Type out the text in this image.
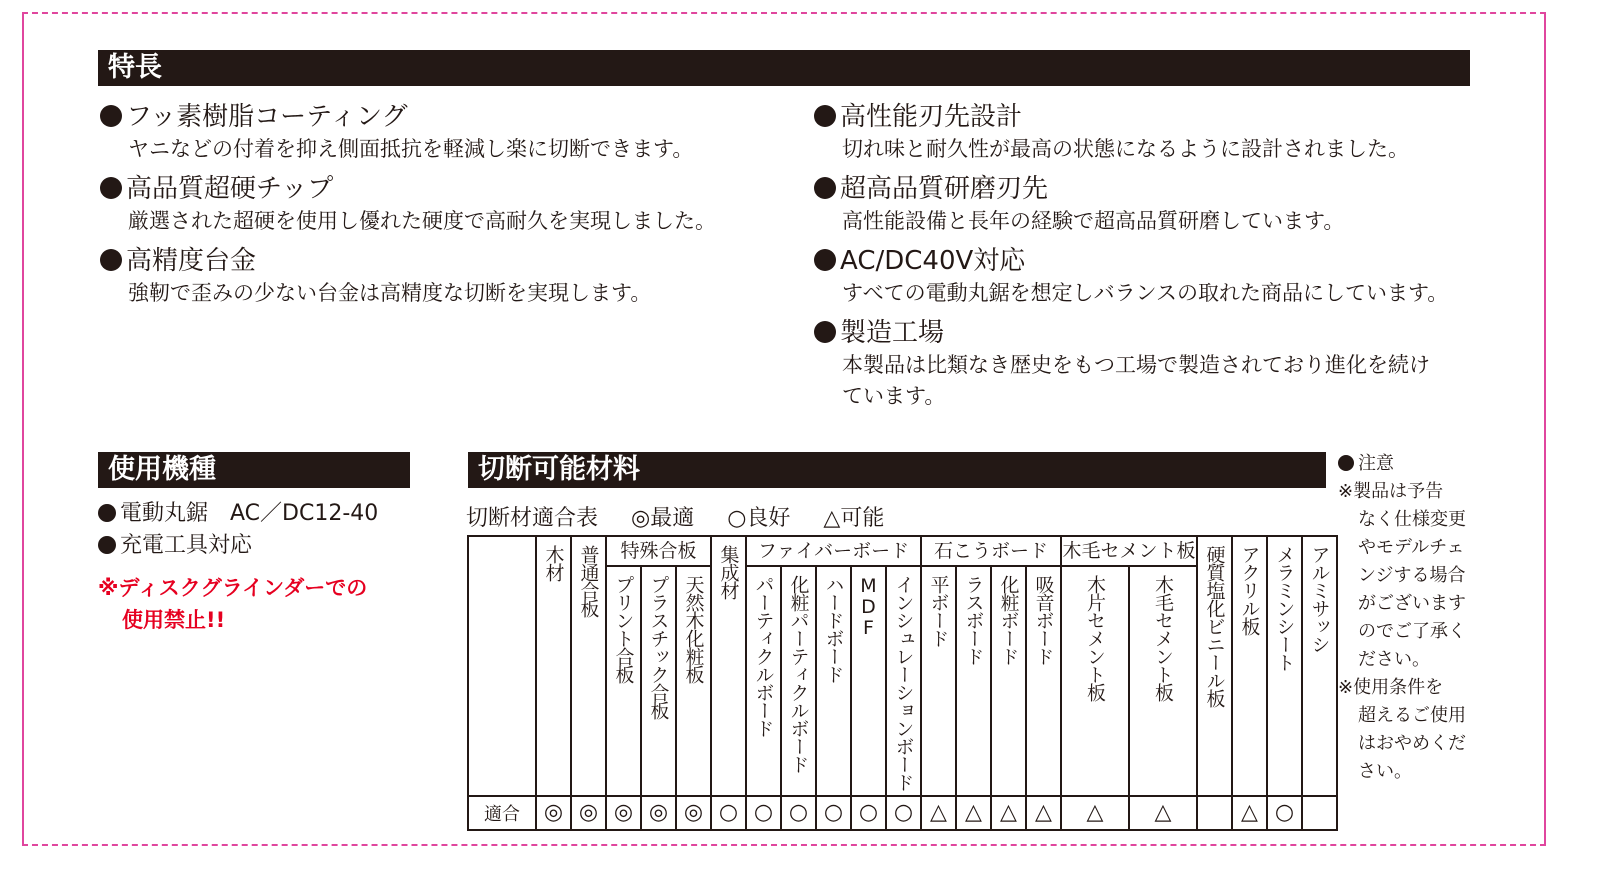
特長
フッ素樹脂コーティング
ヤニなどの付着を抑え側面抵抗を軽減し楽に切断できます。
高品質超硬チップ
厳選された超硬を使用し優れた硬度で高耐久を実現しました。
高精度台金
強靭で歪みの少ない台金は高精度な切断を実現します。
高性能刃先設計
切れ味と耐久性が最高の状態になるように設計されました。
超高品質研磨刃先
高性能設備と長年の経験で超高品質研磨しています。
AC/DC40V対応
すべての電動丸鋸を想定しバランスの取れた商品にしています。
製造工場
本製品は比類なき歴史をもつ工場で製造されており進化を続け
ています。
使用機種
電動丸鋸　AC／DC12-40
充電工具対応
※ディスクグラインダーでの
使用禁止!!
切断可能材料
切断材適合表 ◎最適 ○良好 △可能
	木材	普通合板	特殊合板			集成材	ファイバーボード					石こうボード				木毛セメント板		硬質塩化ビニール板	アクリル板	メラミンシート	アルミサッシ
			プリント合板	プラスチック合板	天然木化粧板		パーティクルボード	化粧パーティクルボード	ハードボード	MDF	インシュレーションボード	平ボード	ラスボード	化粧ボード	吸音ボード	木片セメント板	木毛セメント板				
適合	◎	◎	◎	◎	◎	○	○	○	○	○	○	△	△	△	△	△	△		△	○	
注意
※製品は予告
なく仕様変更
やモデルチェ
ンジする場合
がございます
のでご了承く
ださい。
※使用条件を
超えるご使用
はおやめくだ
さい。
